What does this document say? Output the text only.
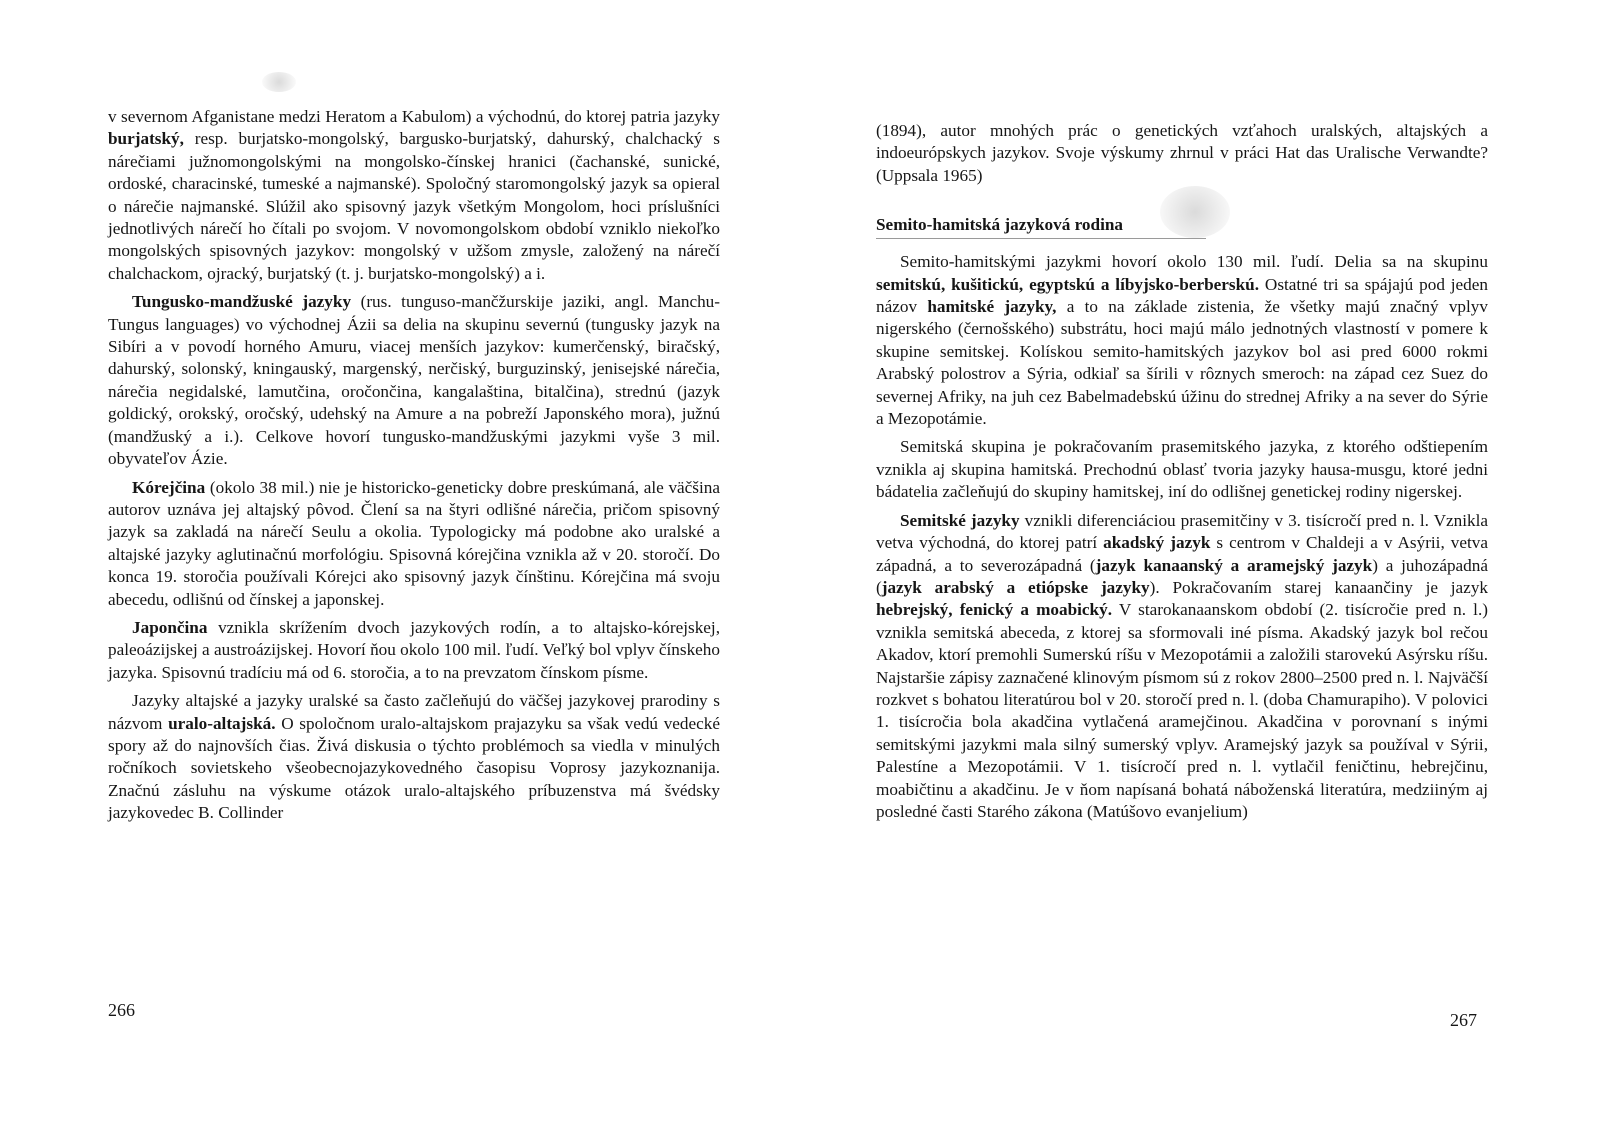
v severnom Afganistane medzi Heratom a Kabulom) a východnú, do ktorej patria jazyky burjatský, resp. burjatsko-mongolský, bargusko-burjatský, dahurský, chalchacký s nárečiami južnomongolskými na mongolsko-čínskej hranici (čachanské, sunické, ordoské, characinské, tumeské a najmanské). Spoločný staromongolský jazyk sa opieral o nárečie najmanské. Slúžil ako spisovný jazyk všetkým Mongolom, hoci príslušníci jednotlivých nárečí ho čítali po svojom. V novomongolskom období vzniklo niekoľko mongolských spisovných jazykov: mongolský v užšom zmysle, založený na nárečí chalchackom, ojracký, burjatský (t. j. burjatsko-mongolský) a i.

Tungusko-mandžuské jazyky (rus. tunguso-mančžurskije jaziki, angl. Manchu-Tungus languages) vo východnej Ázii sa delia na skupinu severnú (tungusky jazyk na Sibíri a v povodí horného Amuru, viacej menších jazykov: kumerčenský, biračský, dahurský, solonský, kningauský, margenský, nerčiský, burguzinský, jenisejské nárečia, nárečia negidalské, lamutčina, oročončina, kangalaština, bitalčina), strednú (jazyk goldický, orokský, oročský, udehský na Amure a na pobreží Japonského mora), južnú (mandžuský a i.). Celkove hovorí tungusko-mandžuskými jazykmi vyše 3 mil. obyvateľov Ázie.

Kórejčina (okolo 38 mil.) nie je historicko-geneticky dobre preskúmaná, ale väčšina autorov uznáva jej altajský pôvod. Člení sa na štyri odlišné nárečia, pričom spisovný jazyk sa zakladá na nárečí Seulu a okolia. Typologicky má podobne ako uralské a altajské jazyky aglutinačnú morfológiu. Spisovná kórejčina vznikla až v 20. storočí. Do konca 19. storočia používali Kórejci ako spisovný jazyk čínštinu. Kórejčina má svoju abecedu, odlišnú od čínskej a japonskej.

Japončina vznikla skrížením dvoch jazykových rodín, a to altajsko-kórejskej, paleoázijskej a austroázijskej. Hovorí ňou okolo 100 mil. ľudí. Veľký bol vplyv čínskeho jazyka. Spisovnú tradíciu má od 6. storočia, a to na prevzatom čínskom písme.

Jazyky altajské a jazyky uralské sa často začleňujú do väčšej jazykovej prarodiny s názvom uralo-altajská. O spoločnom uralo-altajskom prajazyku sa však vedú vedecké spory až do najnovších čias. Živá diskusia o týchto problémoch sa viedla v minulých ročníkoch sovietskeho všeobecnojazykovedného časopisu Voprosy jazykoznanija. Značnú zásluhu na výskume otázok uralo-altajského príbuzenstva má švédsky jazykovedec B. Collinder

266

(1894), autor mnohých prác o genetických vzťahoch uralských, altajských a indoeurópskych jazykov. Svoje výskumy zhrnul v práci Hat das Uralische Verwandte? (Uppsala 1965)

Semito-hamitská jazyková rodina

Semito-hamitskými jazykmi hovorí okolo 130 mil. ľudí. Delia sa na skupinu semitskú, kušitickú, egyptskú a líbyjsko-berberskú. Ostatné tri sa spájajú pod jeden názov hamitské jazyky, a to na základe zistenia, že všetky majú značný vplyv nigerského (černošského) substrátu, hoci majú málo jednotných vlastností v pomere k skupine semitskej. Kolískou semito-hamitských jazykov bol asi pred 6000 rokmi Arabský polostrov a Sýria, odkiaľ sa šírili v rôznych smeroch: na západ cez Suez do severnej Afriky, na juh cez Babelmadebskú úžinu do strednej Afriky a na sever do Sýrie a Mezopotámie.

Semitská skupina je pokračovaním prasemitského jazyka, z ktorého odštiepením vznikla aj skupina hamitská. Prechodnú oblasť tvoria jazyky hausa-musgu, ktoré jedni bádatelia začleňujú do skupiny hamitskej, iní do odlišnej genetickej rodiny nigerskej.

Semitské jazyky vznikli diferenciáciou prasemitčiny v 3. tisícročí pred n. l. Vznikla vetva východná, do ktorej patrí akadský jazyk s centrom v Chaldeji a v Asýrii, vetva západná, a to severozápadná (jazyk kanaanský a aramejský jazyk) a juhozápadná (jazyk arabský a etiópske jazyky). Pokračovaním starej kanaančiny je jazyk hebrejský, fenický a moabický. V starokanaanskom období (2. tisícročie pred n. l.) vznikla semitská abeceda, z ktorej sa sformovali iné písma. Akadský jazyk bol rečou Akadov, ktorí premohli Sumerskú ríšu v Mezopotámii a založili starovekú Asýrsku ríšu. Najstaršie zápisy zaznačené klinovým písmom sú z rokov 2800–2500 pred n. l. Najväčší rozkvet s bohatou literatúrou bol v 20. storočí pred n. l. (doba Chamurapiho). V polovici 1. tisícročia bola akadčina vytlačená aramejčinou. Akadčina v porovnaní s inými semitskými jazykmi mala silný sumerský vplyv. Aramejský jazyk sa používal v Sýrii, Palestíne a Mezopotámii. V 1. tisícročí pred n. l. vytlačil feničtinu, hebrejčinu, moabičtinu a akadčinu. Je v ňom napísaná bohatá náboženská literatúra, medziiným aj posledné časti Starého zákona (Matúšovo evanjelium)

267
